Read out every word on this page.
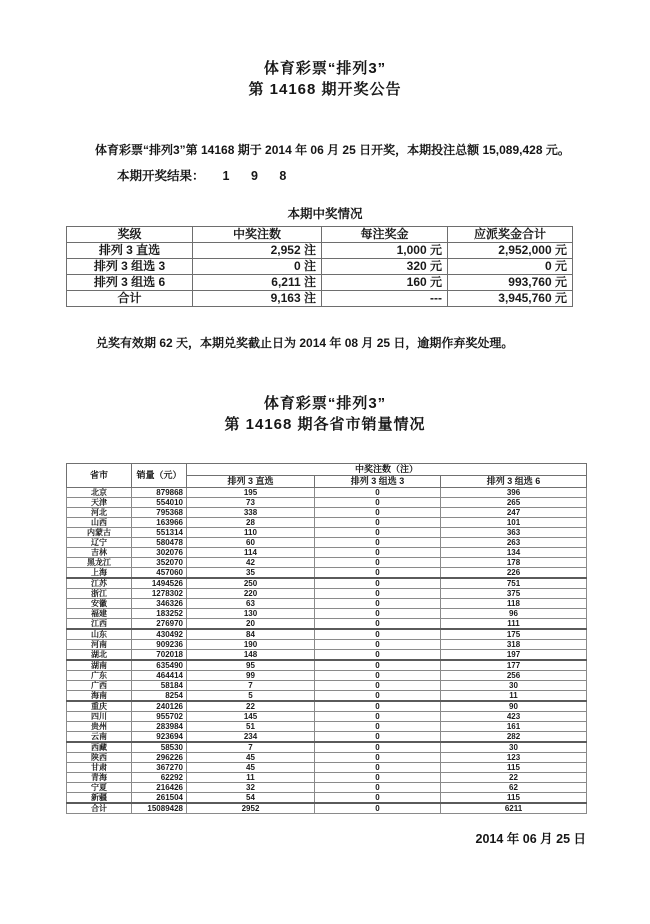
体育彩票“排列3”
第 14168 期开奖公告

体育彩票“排列3”第 14168 期于 2014 年 06 月 25 日开奖，本期投注总额 15,089,428 元。

本期开奖结果： 1 9 8

本期中奖情况
奖级	中奖注数	每注奖金	应派奖金合计
排列 3 直选	2,952 注	1,000 元	2,952,000 元
排列 3 组选 3	0 注	320 元	0 元
排列 3 组选 6	6,211 注	160 元	993,760 元
合计	9,163 注	---	3,945,760 元

兑奖有效期 62 天，本期兑奖截止日为 2014 年 08 月 25 日，逾期作弃奖处理。

体育彩票“排列3”
第 14168 期各省市销量情况
省市	销量（元）	中奖注数（注）		
		排列 3 直选	排列 3 组选 3	排列 3 组选 6
北京	879868	195	0	396
天津	554010	73	0	265
河北	795368	338	0	247
山西	163966	28	0	101
内蒙古	551314	110	0	363
辽宁	580478	60	0	263
吉林	302076	114	0	134
黑龙江	352070	42	0	178
上海	457060	35	0	226
江苏	1494526	250	0	751
浙江	1278302	220	0	375
安徽	346326	63	0	118
福建	183252	130	0	96
江西	276970	20	0	111
山东	430492	84	0	175
河南	909236	190	0	318
湖北	702018	148	0	197
湖南	635490	95	0	177
广东	464414	99	0	256
广西	58184	7	0	30
海南	8254	5	0	11
重庆	240126	22	0	90
四川	955702	145	0	423
贵州	283984	51	0	161
云南	923694	234	0	282
西藏	58530	7	0	30
陕西	296226	45	0	123
甘肃	367270	45	0	115
青海	62292	11	0	22
宁夏	216426	32	0	62
新疆	261504	54	0	115
合计	15089428	2952	0	6211
2014 年 06 月 25 日
